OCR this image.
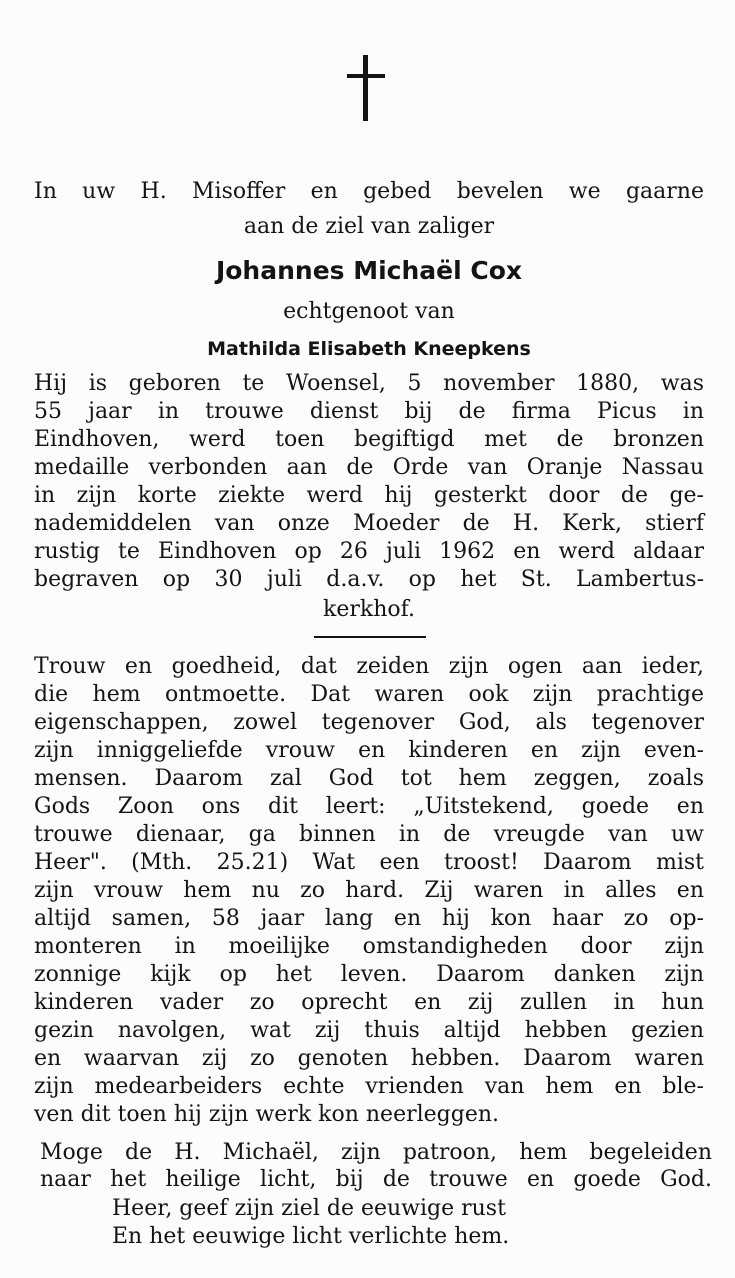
In uw H. Misoffer en gebed bevelen we gaarne
aan de ziel van zaliger
Johannes Michaël Cox
echtgenoot van
Mathilda Elisabeth Kneepkens
Hij is geboren te Woensel, 5 november 1880, was
55 jaar in trouwe dienst bij de firma Picus in
Eindhoven, werd toen begiftigd met de bronzen
medaille verbonden aan de Orde van Oranje Nassau
in zijn korte ziekte werd hij gesterkt door de ge-
nademiddelen van onze Moeder de H. Kerk, stierf
rustig te Eindhoven op 26 juli 1962 en werd aldaar
begraven op 30 juli d.a.v. op het St. Lambertus-
kerkhof.
Trouw en goedheid, dat zeiden zijn ogen aan ieder,
die hem ontmoette. Dat waren ook zijn prachtige
eigenschappen, zowel tegenover God, als tegenover
zijn inniggeliefde vrouw en kinderen en zijn even-
mensen. Daarom zal God tot hem zeggen, zoals
Gods Zoon ons dit leert: „Uitstekend, goede en
trouwe dienaar, ga binnen in de vreugde van uw
Heer". (Mth. 25.21) Wat een troost! Daarom mist
zijn vrouw hem nu zo hard. Zij waren in alles en
altijd samen, 58 jaar lang en hij kon haar zo op-
monteren in moeilijke omstandigheden door zijn
zonnige kijk op het leven. Daarom danken zijn
kinderen vader zo oprecht en zij zullen in hun
gezin navolgen, wat zij thuis altijd hebben gezien
en waarvan zij zo genoten hebben. Daarom waren
zijn medearbeiders echte vrienden van hem en ble-
ven dit toen hij zijn werk kon neerleggen.
Moge de H. Michaël, zijn patroon, hem begeleiden
naar het heilige licht, bij de trouwe en goede God.
Heer, geef zijn ziel de eeuwige rust
En het eeuwige licht verlichte hem.
